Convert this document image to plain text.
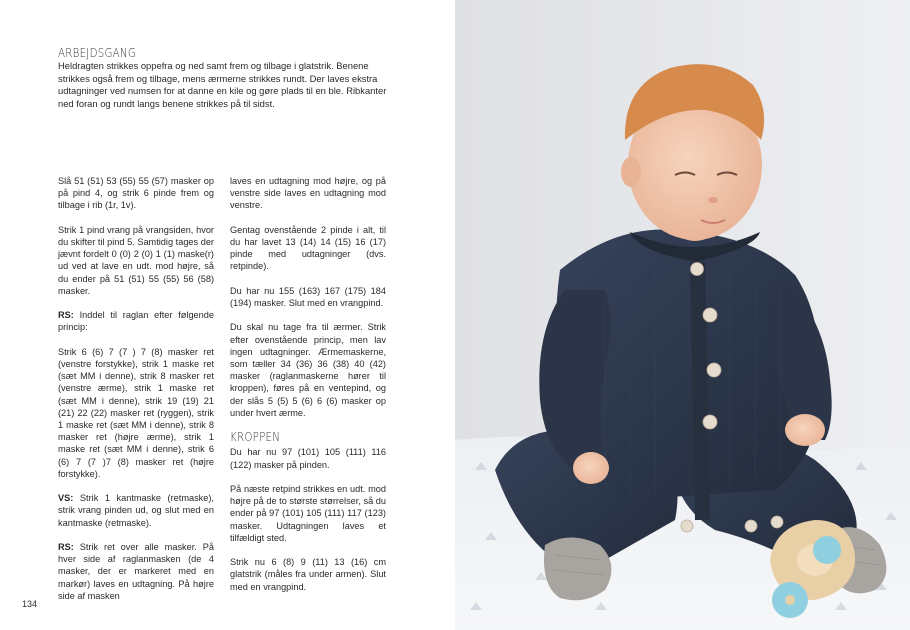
ARBEJDSGANG
Heldragten strikkes oppefra og ned samt frem og tilbage i glatstrik. Benene strikkes også frem og tilbage, mens ærmerne strikkes rundt. Der laves ekstra udtagninger ved numsen for at danne en kile og gøre plads til en ble. Ribkanter ned foran og rundt langs benene strikkes på til sidst.

Slå 51 (51) 53 (55) 55 (57) masker op på pind 4, og strik 6 pinde frem og tilbage i rib (1r, 1v).

Strik 1 pind vrang på vrangsiden, hvor du skifter til pind 5. Samtidig tages der jævnt fordelt 0 (0) 2 (0) 1 (1) maske(r) ud ved at lave en udt. mod højre, så du ender på 51 (51) 55 (55) 56 (58) masker.

RS: Inddel til raglan efter følgende princip:

Strik 6 (6) 7 (7 ) 7 (8) masker ret (venstre forstykke), strik 1 maske ret (sæt MM i denne), strik 8 masker ret (venstre ærme), strik 1 maske ret (sæt MM i denne), strik 19 (19) 21 (21) 22 (22) masker ret (ryggen), strik 1 maske ret (sæt MM i denne), strik 8 masker ret (højre ærme), strik 1 maske ret (sæt MM i denne), strik 6 (6) 7 (7 )7 (8) masker ret (højre forstykke).

VS: Strik 1 kantmaske (retmaske), strik vrang pinden ud, og slut med en kantmaske (retmaske).

RS: Strik ret over alle masker. På hver side af raglanmasken (de 4 masker, der er markeret med en markør) laves en udtagning. På højre side af masken

laves en udtagning mod højre, og på venstre side laves en udtagning mod venstre.

Gentag ovenstående 2 pinde i alt, til du har lavet 13 (14) 14 (15) 16 (17) pinde med udtagninger (dvs. retpinde).

Du har nu 155 (163) 167 (175) 184 (194) masker. Slut med en vrangpind.

Du skal nu tage fra til ærmer. Strik efter ovenstående princip, men lav ingen udtagninger. Ærmemaskerne, som tæller 34 (36) 36 (38) 40 (42) masker (raglanmaskerne hører til kroppen), føres på en ventepind, og der slås 5 (5) 5 (6) 6 (6) masker op under hvert ærme.

KROPPEN

Du har nu 97 (101) 105 (111) 116 (122) masker på pinden.

På næste retpind strikkes en udt. mod højre på de to største størrelser, så du ender på 97 (101) 105 (111) 117 (123) masker. Udtagningen laves et tilfældigt sted.

Strik nu 6 (8) 9 (11) 13 (16) cm glatstrik (måles fra under armen). Slut med en vrangpind.

134
